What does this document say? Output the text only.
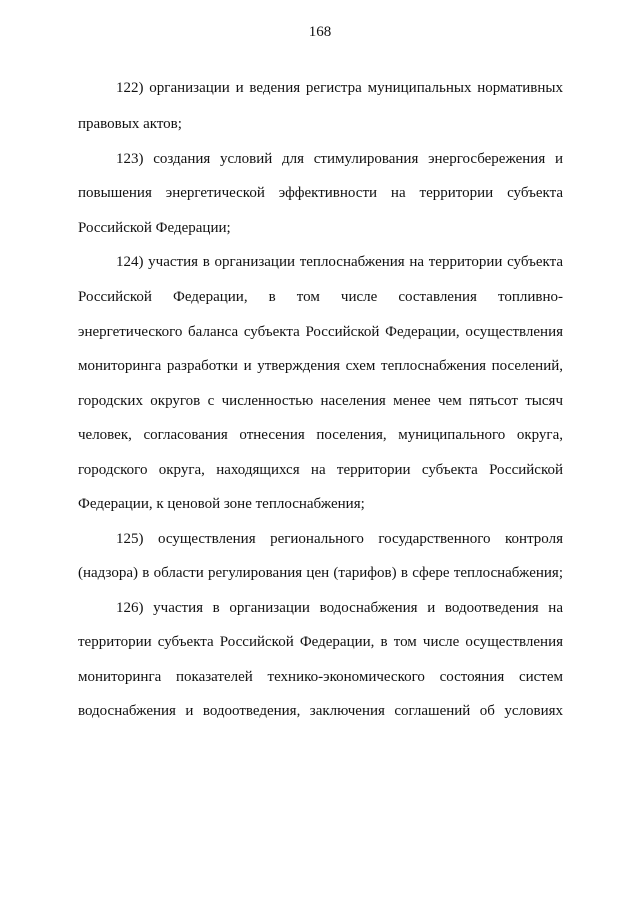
168
122) организации и ведения регистра муниципальных нормативных
правовых актов;
123) создания условий для стимулирования энергосбережения и
повышения энергетической эффективности на территории субъекта
Российской Федерации;
124) участия в организации теплоснабжения на территории субъекта
Российской Федерации, в том числе составления топливно-
энергетического баланса субъекта Российской Федерации, осуществления
мониторинга разработки и утверждения схем теплоснабжения поселений,
городских округов с численностью населения менее чем пятьсот тысяч
человек, согласования отнесения поселения, муниципального округа,
городского округа, находящихся на территории субъекта Российской
Федерации, к ценовой зоне теплоснабжения;
125) осуществления регионального государственного контроля
(надзора) в области регулирования цен (тарифов) в сфере теплоснабжения;
126) участия в организации водоснабжения и водоотведения на
территории субъекта Российской Федерации, в том числе осуществления
мониторинга показателей технико-экономического состояния систем
водоснабжения и водоотведения, заключения соглашений об условиях
